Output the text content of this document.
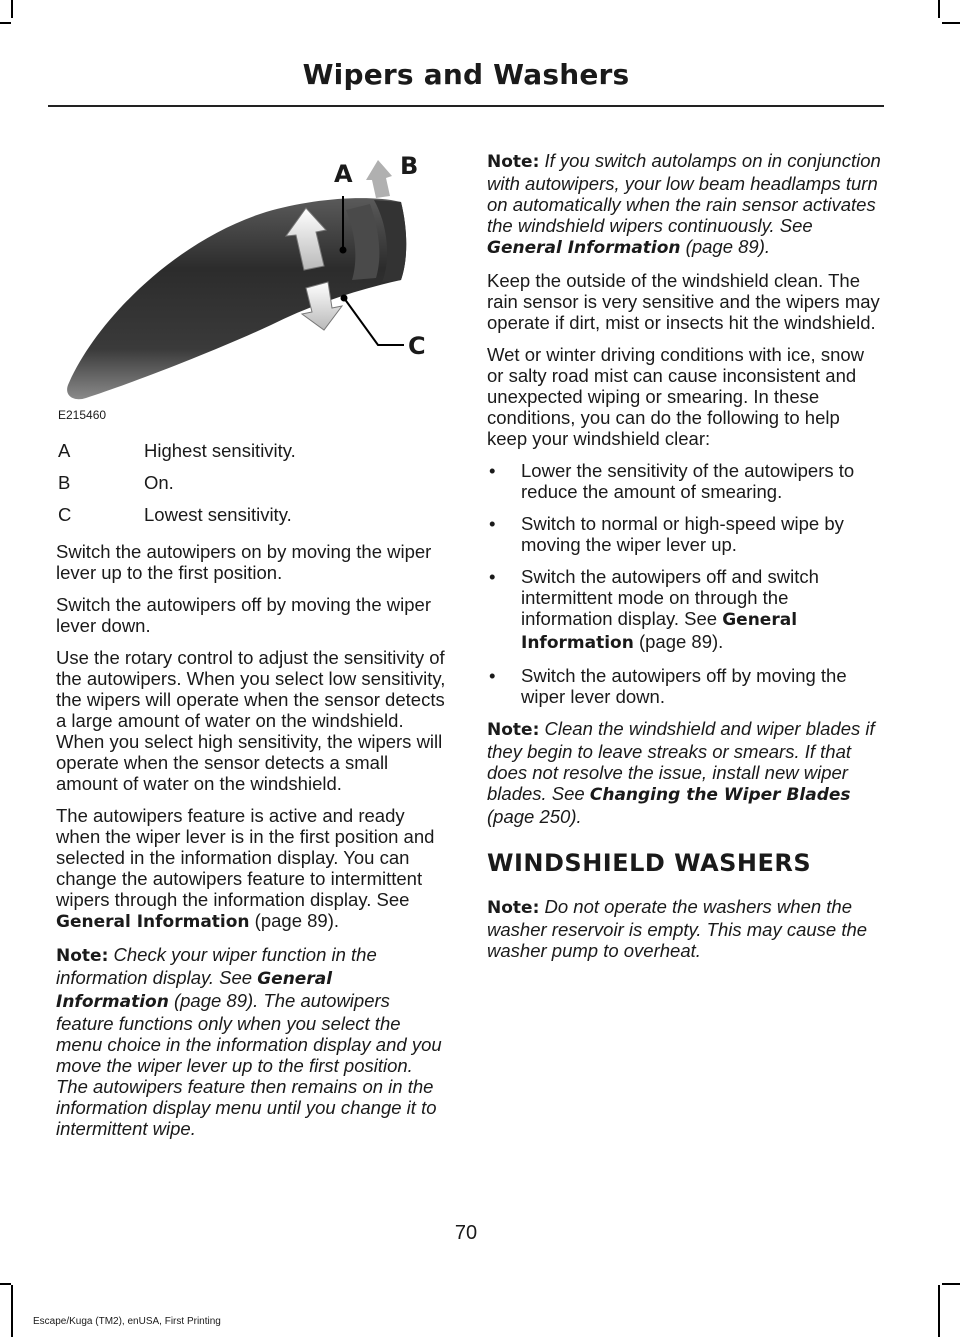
Wipers and Washers
A B
C
E215460
A	Highest sensitivity.
B	On.
C	Lowest sensitivity.

Switch the autowipers on by moving the wiper lever up to the first position.

Switch the autowipers off by moving the wiper lever down.

Use the rotary control to adjust the sensitivity of the autowipers. When you select low sensitivity, the wipers will operate when the sensor detects a large amount of water on the windshield. When you select high sensitivity, the wipers will operate when the sensor detects a small amount of water on the windshield.

The autowipers feature is active and ready when the wiper lever is in the first position and selected in the information display. You can change the autowipers feature to intermittent wipers through the information display. See General Information (page 89).

Note: Check your wiper function in the information display. See General Information (page 89). The autowipers feature functions only when you select the menu choice in the information display and you move the wiper lever up to the first position. The autowipers feature then remains on in the information display menu until you change it to intermittent wipe.

Note: If you switch autolamps on in conjunction with autowipers, your low beam headlamps turn on automatically when the rain sensor activates the windshield wipers continuously. See General Information (page 89).

Keep the outside of the windshield clean. The rain sensor is very sensitive and the wipers may operate if dirt, mist or insects hit the windshield.

Wet or winter driving conditions with ice, snow or salty road mist can cause inconsistent and unexpected wiping or smearing. In these conditions, you can do the following to help keep your windshield clear:

• Lower the sensitivity of the autowipers to reduce the amount of smearing.
• Switch to normal or high-speed wipe by moving the wiper lever up.
• Switch the autowipers off and switch intermittent mode on through the information display. See General Information (page 89).
• Switch the autowipers off by moving the wiper lever down.

Note: Clean the windshield and wiper blades if they begin to leave streaks or smears. If that does not resolve the issue, install new wiper blades. See Changing the Wiper Blades (page 250).

WINDSHIELD WASHERS

Note: Do not operate the washers when the washer reservoir is empty. This may cause the washer pump to overheat.

70
Escape/Kuga (TM2), enUSA, First Printing
